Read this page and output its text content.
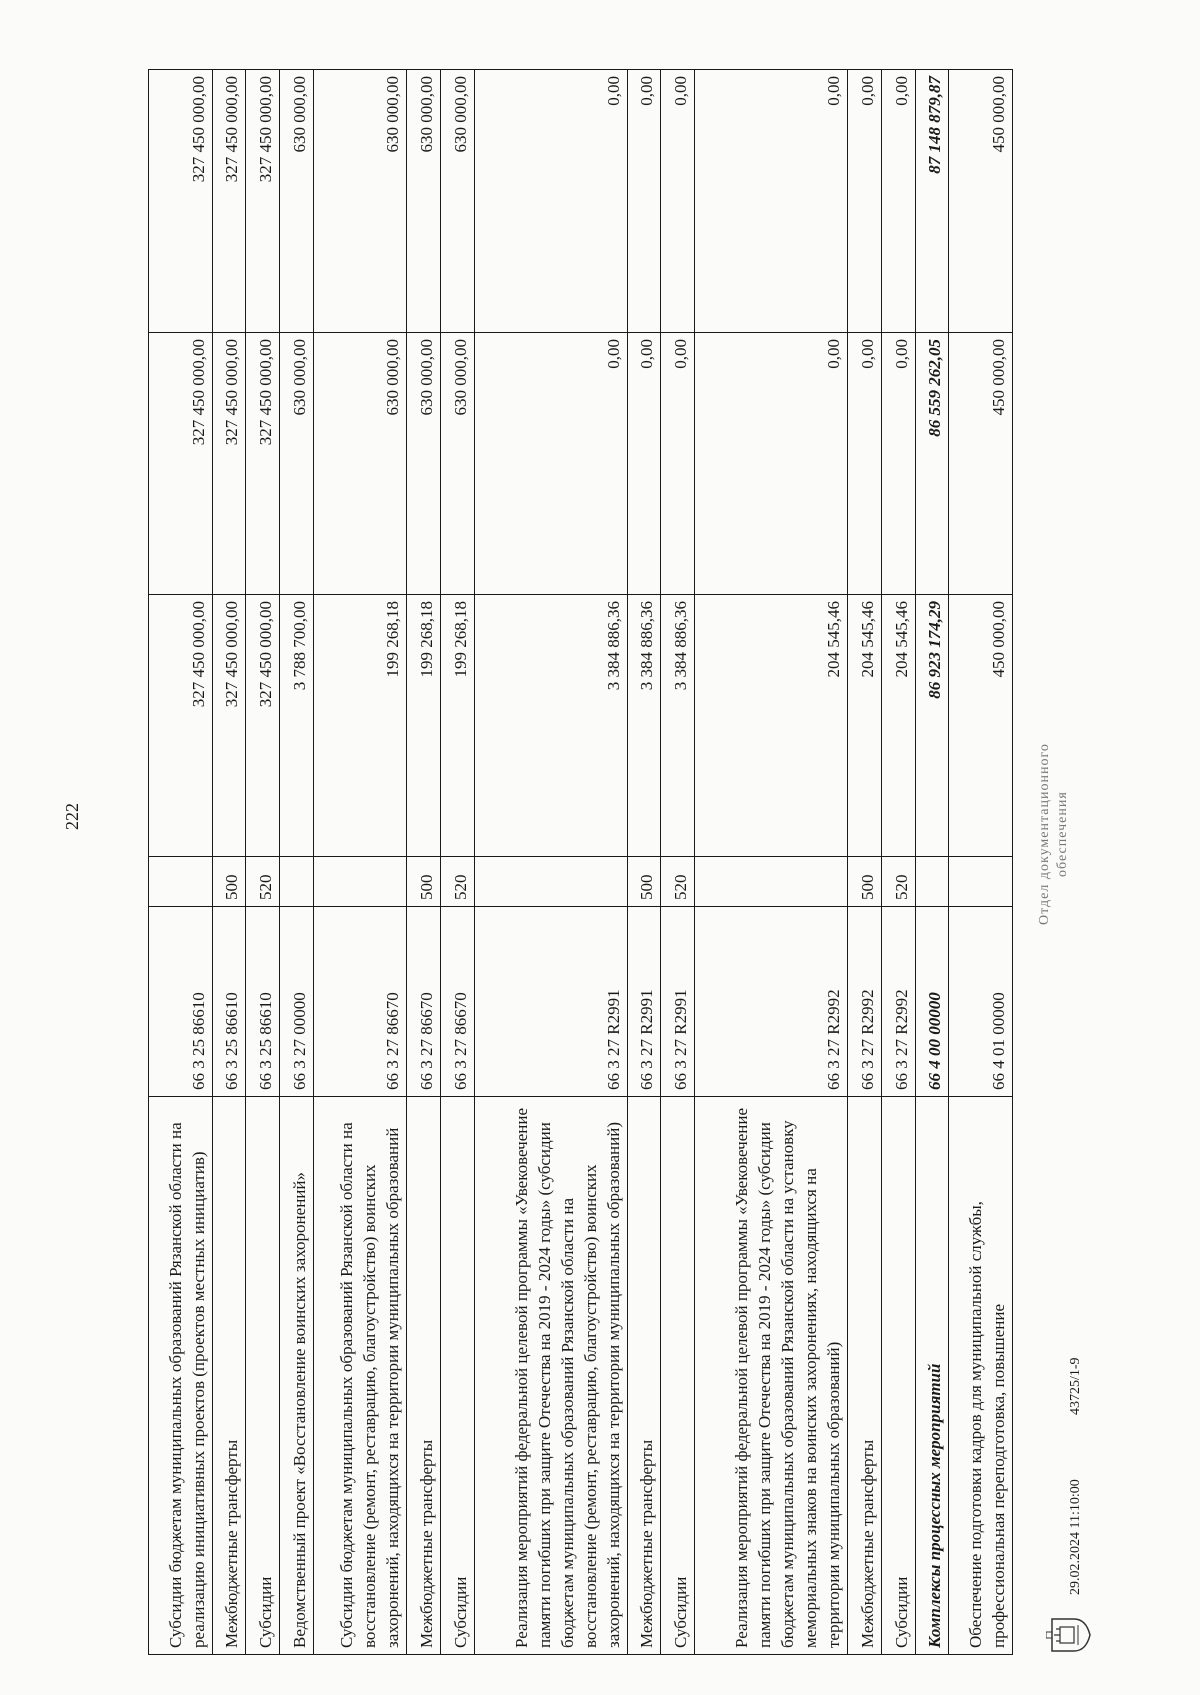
222
Субсидии бюджетам муниципальных образований Рязанской области на реализацию инициативных проектов (проектов местных инициатив)	66 3 25 86610		327 450 000,00	327 450 000,00	327 450 000,00
Межбюджетные трансферты	66 3 25 86610	500	327 450 000,00	327 450 000,00	327 450 000,00
Субсидии	66 3 25 86610	520	327 450 000,00	327 450 000,00	327 450 000,00
Ведомственный проект «Восстановление воинских захоронений»	66 3 27 00000		3 788 700,00	630 000,00	630 000,00
Субсидии бюджетам муниципальных образований Рязанской области на восстановление (ремонт, реставрацию, благоустройство) воинских захоронений, находящихся на территории муниципальных образований	66 3 27 86670		199 268,18	630 000,00	630 000,00
Межбюджетные трансферты	66 3 27 86670	500	199 268,18	630 000,00	630 000,00
Субсидии	66 3 27 86670	520	199 268,18	630 000,00	630 000,00
Реализация мероприятий федеральной целевой программы «Увековечение памяти погибших при защите Отечества на 2019 - 2024 годы» (субсидии бюджетам муниципальных образований Рязанской области на восстановление (ремонт, реставрацию, благоустройство) воинских захоронений, находящихся на территории муниципальных образований)	66 3 27 R2991		3 384 886,36	0,00	0,00
Межбюджетные трансферты	66 3 27 R2991	500	3 384 886,36	0,00	0,00
Субсидии	66 3 27 R2991	520	3 384 886,36	0,00	0,00
Реализация мероприятий федеральной целевой программы «Увековечение памяти погибших при защите Отечества на 2019 - 2024 годы» (субсидии бюджетам муниципальных образований Рязанской области на установку мемориальных знаков на воинских захоронениях, находящихся на территории муниципальных образований)	66 3 27 R2992		204 545,46	0,00	0,00
Межбюджетные трансферты	66 3 27 R2992	500	204 545,46	0,00	0,00
Субсидии	66 3 27 R2992	520	204 545,46	0,00	0,00
Комплексы процессных мероприятий	66 4 00 00000		86 923 174,29	86 559 262,05	87 148 879,87
Обеспечение подготовки кадров для муниципальной службы, профессиональная переподготовка, повышение	66 4 01 00000		450 000,00	450 000,00	450 000,00
29.02.2024 11:10:00
43725/1-9
Отдел документационного обеспечения
